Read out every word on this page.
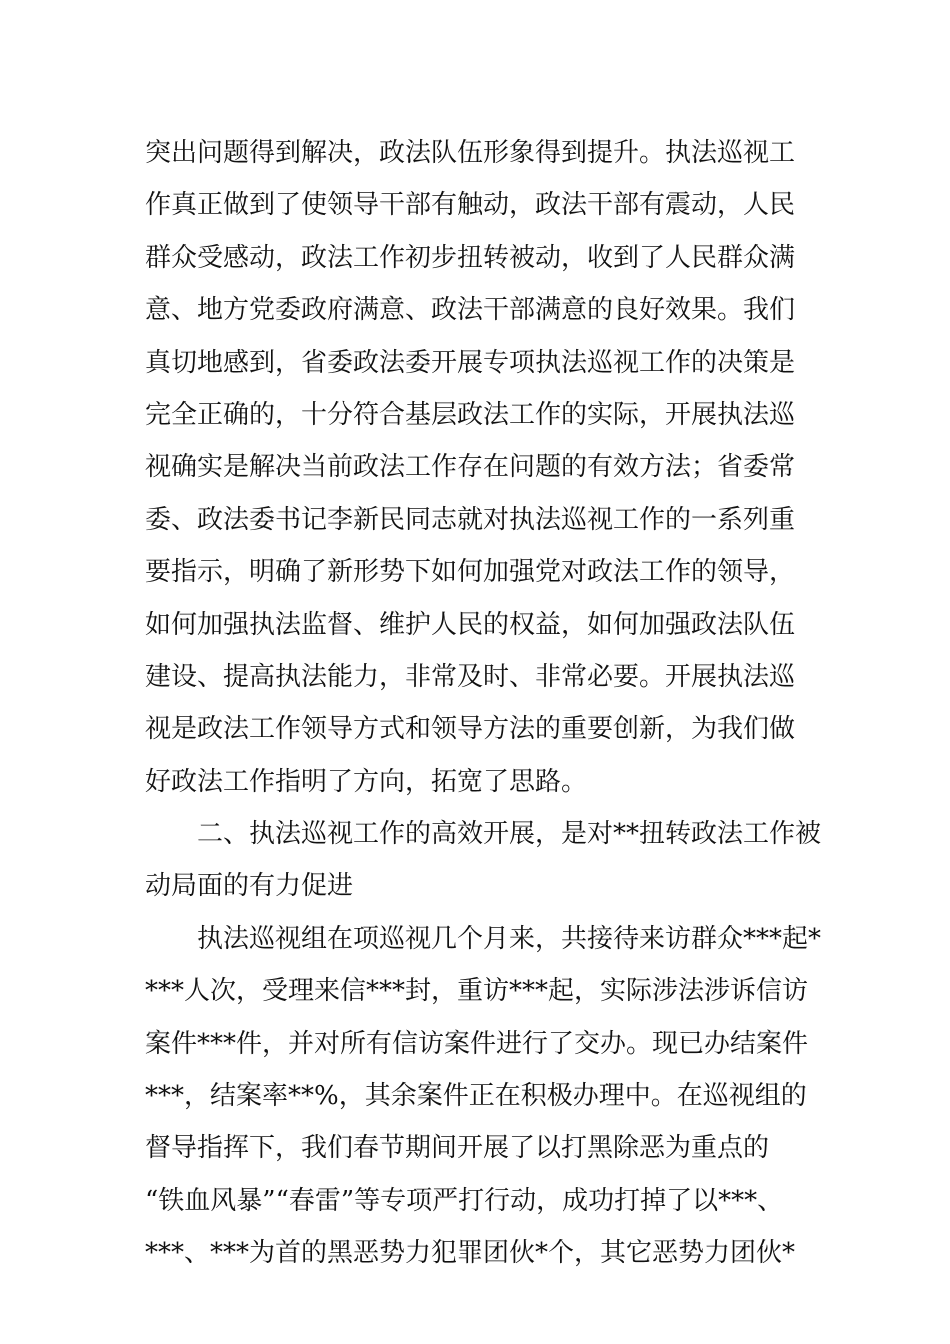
突出问题得到解决，政法队伍形象得到提升。执法巡视工
作真正做到了使领导干部有触动，政法干部有震动，人民
群众受感动，政法工作初步扭转被动，收到了人民群众满
意、地方党委政府满意、政法干部满意的良好效果。我们
真切地感到，省委政法委开展专项执法巡视工作的决策是
完全正确的，十分符合基层政法工作的实际，开展执法巡
视确实是解决当前政法工作存在问题的有效方法；省委常
委、政法委书记李新民同志就对执法巡视工作的一系列重
要指示，明确了新形势下如何加强党对政法工作的领导，
如何加强执法监督、维护人民的权益，如何加强政法队伍
建设、提高执法能力，非常及时、非常必要。开展执法巡
视是政法工作领导方式和领导方法的重要创新，为我们做
好政法工作指明了方向，拓宽了思路。
　　二、执法巡视工作的高效开展，是对**扭转政法工作被
动局面的有力促进
　　执法巡视组在项巡视几个月来，共接待来访群众***起*
***人次，受理来信***封，重访***起，实际涉法涉诉信访
案件***件，并对所有信访案件进行了交办。现已办结案件
***，结案率**%，其余案件正在积极办理中。在巡视组的
督导指挥下，我们春节期间开展了以打黑除恶为重点的
“铁血风暴”“春雷”等专项严打行动，成功打掉了以***、
***、***为首的黑恶势力犯罪团伙*个，其它恶势力团伙*
